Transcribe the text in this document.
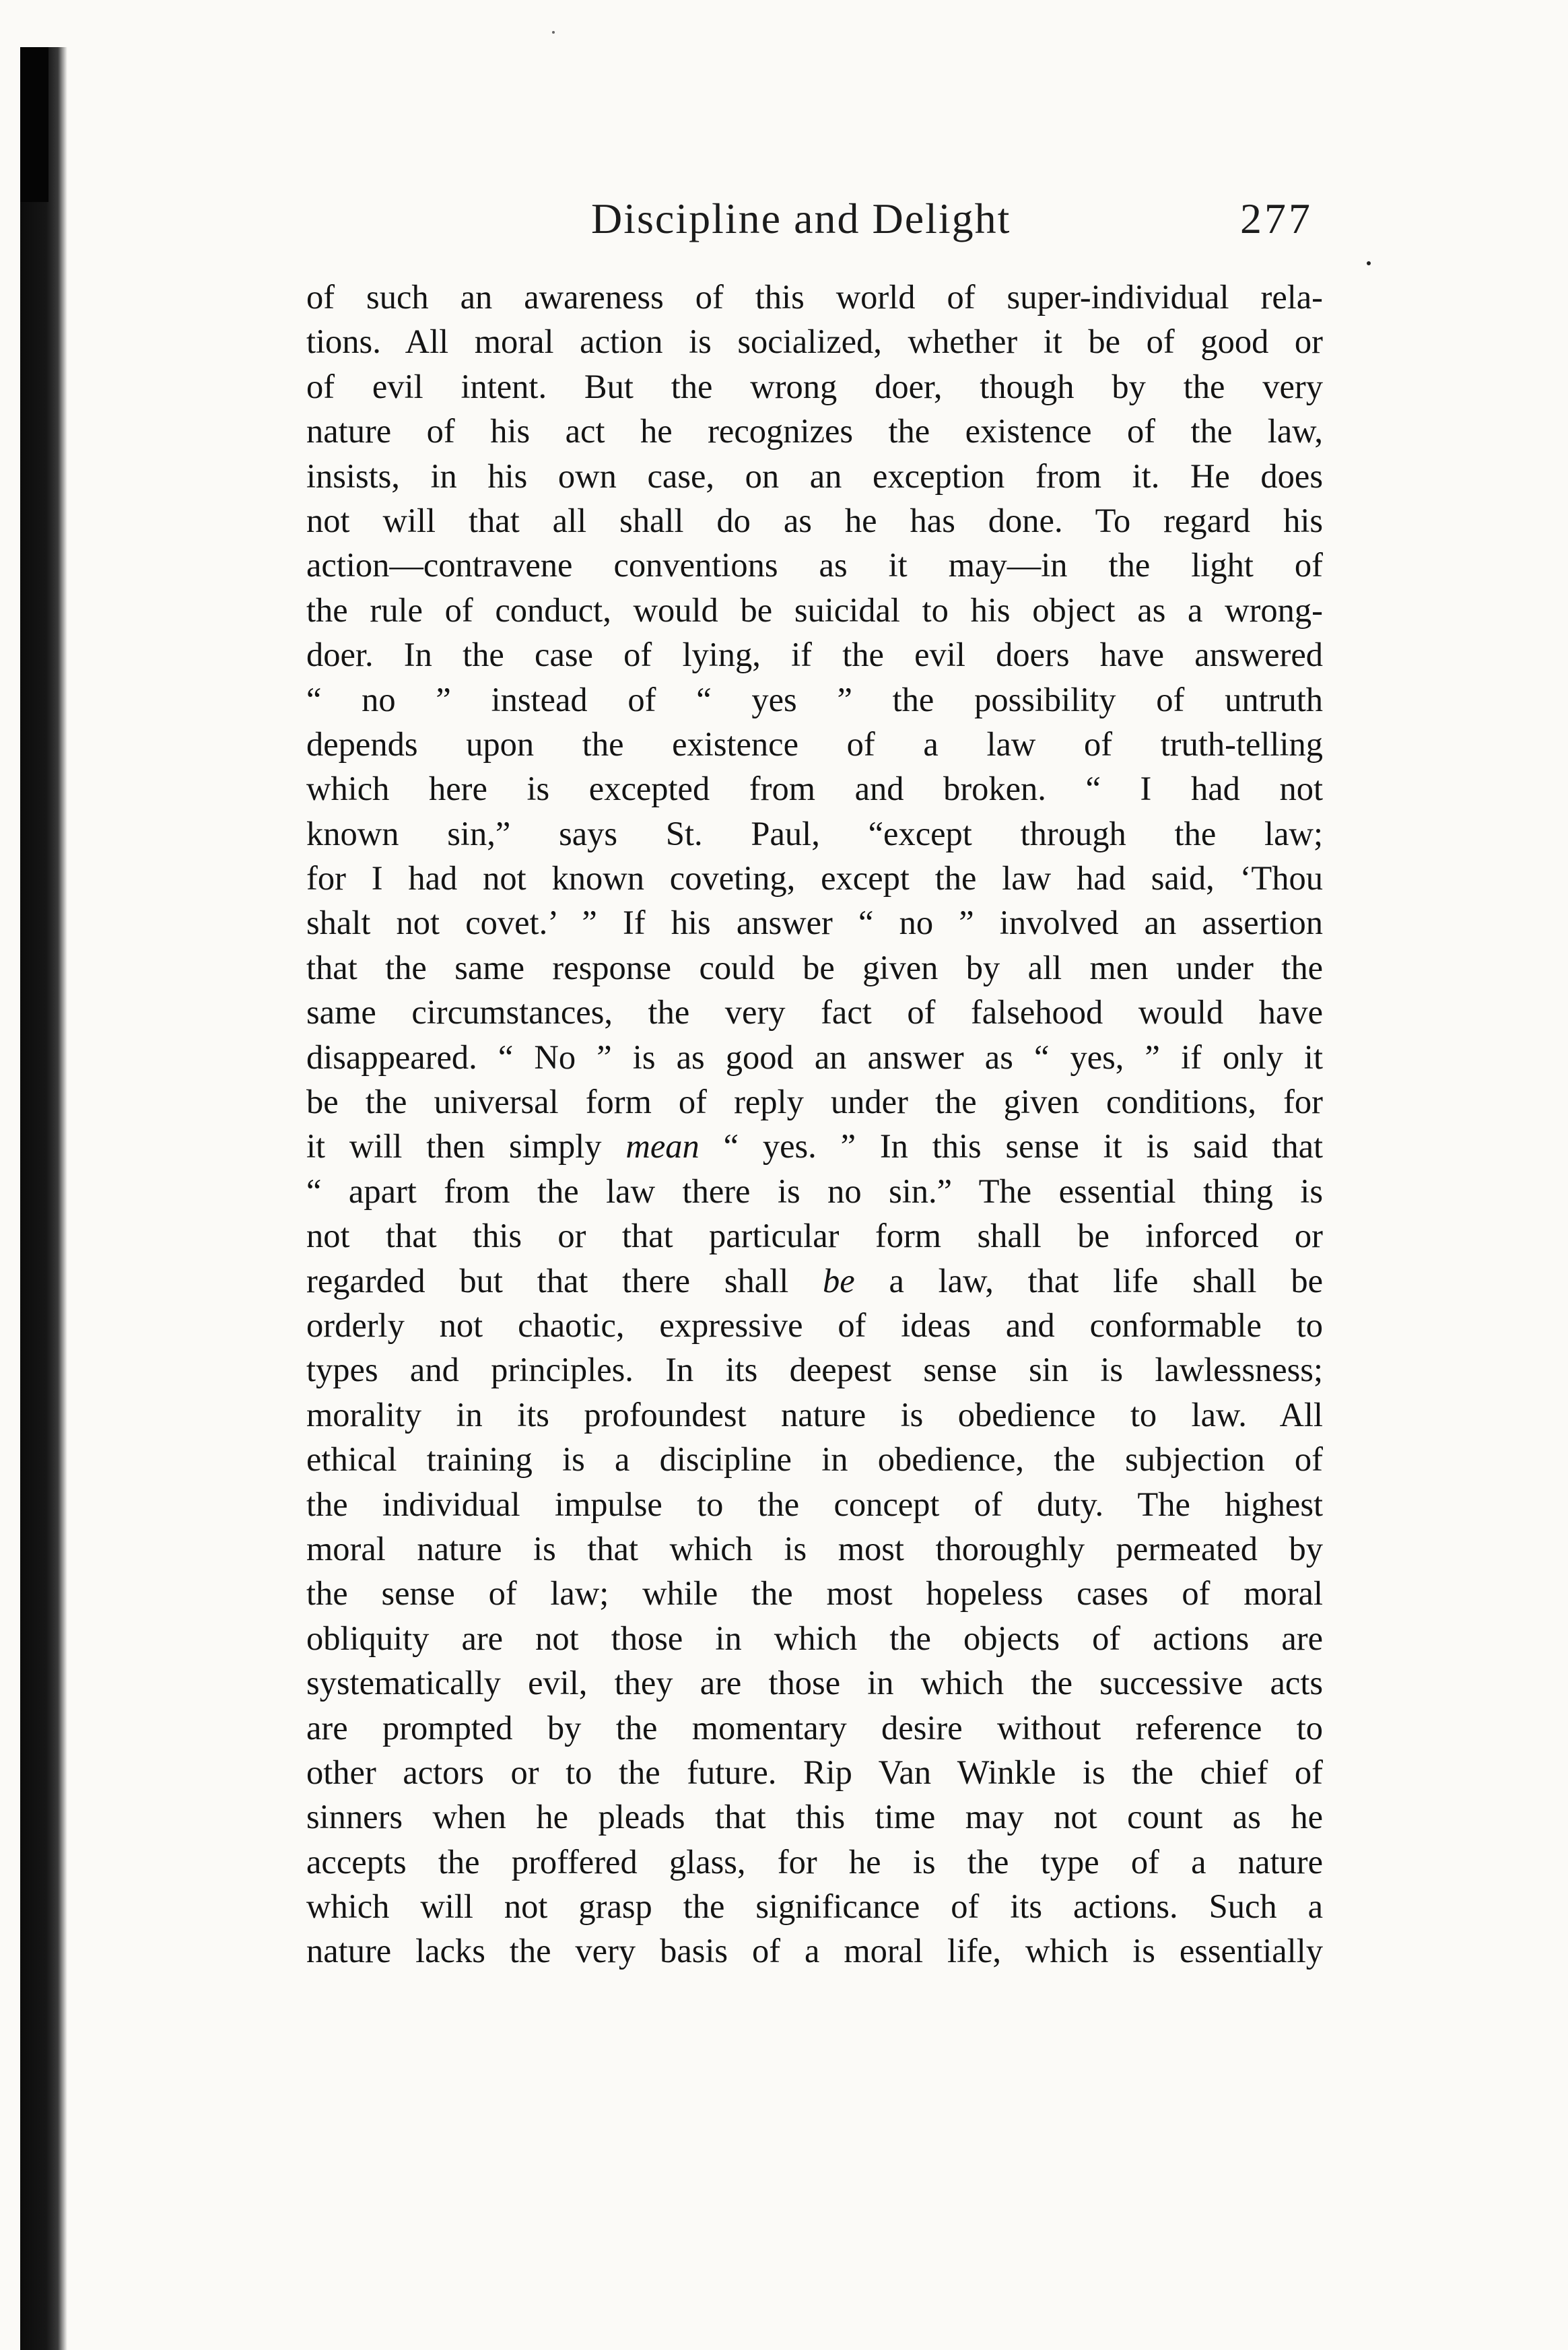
Discipline and Delight	277
of such an awareness of this world of super-individual rela-
tions. All moral action is socialized, whether it be of good or
of evil intent. But the wrong doer, though by the very
nature of his act he recognizes the existence of the law,
insists, in his own case, on an exception from it. He does
not will that all shall do as he has done. To regard his
action—contravene conventions as it may—in the light of
the rule of conduct, would be suicidal to his object as a wrong-
doer. In the case of lying, if the evil doers have answered
“ no ” instead of “ yes ” the possibility of untruth
depends upon the existence of a law of truth-telling
which here is excepted from and broken. “ I had not
known sin,” says St. Paul, “except through the law;
for I had not known coveting, except the law had said, ‘Thou
shalt not covet.’ ” If his answer “ no ” involved an assertion
that the same response could be given by all men under the
same circumstances, the very fact of falsehood would have
disappeared. “ No ” is as good an answer as “ yes, ” if only it
be the universal form of reply under the given conditions, for
it will then simply mean “ yes. ” In this sense it is said that
“ apart from the law there is no sin.” The essential thing is
not that this or that particular form shall be inforced or
regarded but that there shall be a law, that life shall be
orderly not chaotic, expressive of ideas and conformable to
types and principles. In its deepest sense sin is lawlessness;
morality in its profoundest nature is obedience to law. All
ethical training is a discipline in obedience, the subjection of
the individual impulse to the concept of duty. The highest
moral nature is that which is most thoroughly permeated by
the sense of law; while the most hopeless cases of moral
obliquity are not those in which the objects of actions are
systematically evil, they are those in which the successive acts
are prompted by the momentary desire without reference to
other actors or to the future. Rip Van Winkle is the chief of
sinners when he pleads that this time may not count as he
accepts the proffered glass, for he is the type of a nature
which will not grasp the significance of its actions. Such a
nature lacks the very basis of a moral life, which is essentially
